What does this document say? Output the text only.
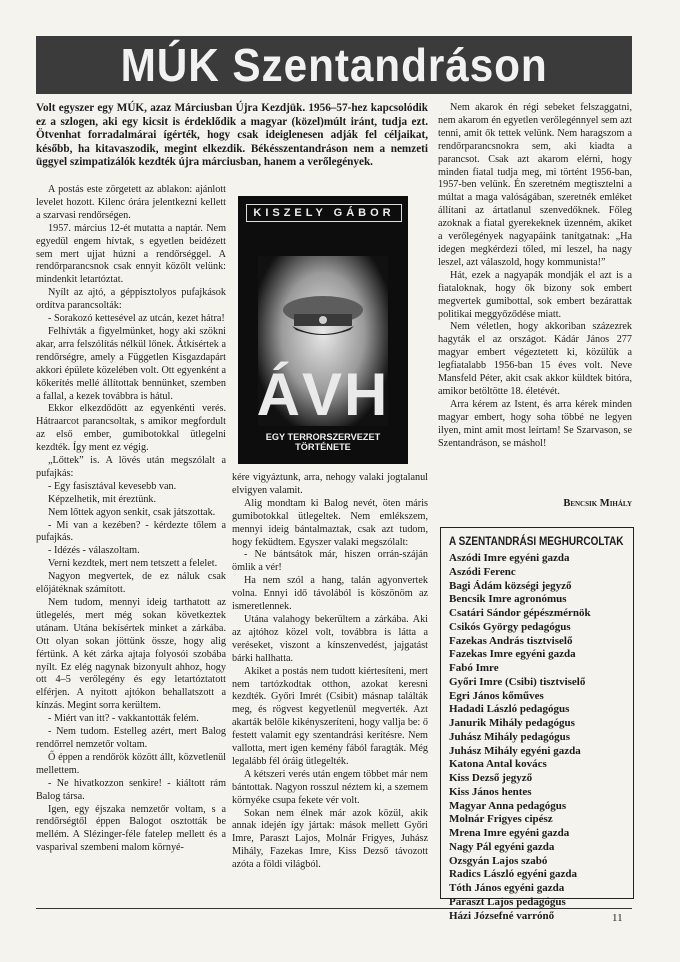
MÚK Szentandráson
Volt egyszer egy MÚK, azaz Márciusban Újra Kezdjük. 1956–57-hez kapcsolódik ez a szlogen, aki egy kicsit is érdeklődik a magyar (közel)múlt iránt, tudja ezt. Ötvenhat forradalmárai ígérték, hogy csak ideiglenesen adják fel céljaikat, később, ha kitavaszodik, megint elkezdik. Békésszentandráson nem a nemzeti üggyel szimpatizálók kezdték újra márciusban, hanem a verőlegények.

A postás este zörgetett az ablakon: ajánlott levelet hozott. Kilenc órára jelentkezni kellett a szarvasi rendőrségen.

1957. március 12-ét mutatta a naptár. Nem egyedül engem hívtak, s egyetlen beidézett sem mert ujjat húzni a rendőrséggel. A rendőrparancsnok csak ennyit közölt velünk: mindenkit letartóztat.

Nyílt az ajtó, a géppisztolyos pufajkások ordítva parancsolták:

- Sorakozó kettesével az utcán, kezet hátra!

Felhívták a figyelmünket, hogy aki szökni akar, arra felszólítás nélkül lőnek. Átkísértek a rendőrségre, amely a Független Kisgazdapárt akkori épülete közelében volt. Ott egyenként a kőkerítés mellé állítottak bennünket, szemben a fallal, a kezek továbbra is hátul.

Ekkor elkezdődött az egyenkénti verés. Hátraarcot parancsoltak, s amikor megfordult az első ember, gumibotokkal ütlegelni kezdték. Így ment ez végig.

„Lőttek” is. A lövés után megszólalt a pufajkás:

- Egy fasisztával kevesebb van.

Képzelhetik, mit éreztünk.

Nem lőttek agyon senkit, csak játszottak.

- Mi van a kezében? - kérdezte tőlem a pufajkás.

- Idézés - válaszoltam.

Verni kezdtek, mert nem tetszett a felelet.

Nagyon megvertek, de ez náluk csak előjátéknak számított.

Nem tudom, mennyi ideig tarthatott az ütlegelés, mert még sokan következtek utánam. Utána bekísértek minket a zárkába. Ott olyan sokan jöttünk össze, hogy alig fértünk. A két zárka ajtaja folyosói szobába nyílt. Ez elég nagynak bizonyult ahhoz, hogy ott 4–5 verőlegény és egy letartóztatott elférjen. A nyitott ajtókon behallatszott a kínzás. Megint sorra kerültem.

- Miért van itt? - vakkantották felém.

- Nem tudom. Estelleg azért, mert Balog rendőrrel nemzetőr voltam.

Ő éppen a rendőrök között állt, közvetlenül mellettem.

- Ne hivatkozzon senkire! - kiáltott rám Balog társa.

Igen, egy éjszaka nemzetőr voltam, s a rendőrségtől éppen Balogot osztották be mellém. A Slézinger-féle fatelep mellett és a vasparival szembeni malom környé-

KISZELY GÁBOR
ÁVH
EGY TERRORSZERVEZET TÖRTÉNETE

kére vigyáztunk, arra, nehogy valaki jogtalanul elvigyen valamit.

Alig mondtam ki Balog nevét, öten máris gumibotokkal ütlegeltek. Nem emlékszem, mennyi ideig bántalmaztak, csak azt tudom, hogy feküdtem. Egyszer valaki megszólalt:

- Ne bántsátok már, hiszen orrán-száján ömlik a vér!

Ha nem szól a hang, talán agyonvertek volna. Ennyi idő távolából is köszönöm az ismeretlennek.

Utána valahogy bekerültem a zárkába. Aki az ajtóhoz közel volt, továbbra is látta a veréseket, viszont a kínszenvedést, jajgatást bárki hallhatta.

Akiket a postás nem tudott kiértesíteni, mert nem tartózkodtak otthon, azokat keresni kezdték. Győri Imrét (Csibit) másnap találták meg, és rögvest kegyetlenül megverték. Azt akarták belőle kikényszeríteni, hogy vallja be: ő festett valamit egy szentandrási kerítésre. Nem vallotta, mert igen kemény fából faragták. Még legalább fél óráig ütlegelték.

A kétszeri verés után engem többet már nem bántottak. Nagyon rosszul néztem ki, a szemem környéke csupa fekete vér volt.

Sokan nem élnek már azok közül, akik annak idején így jártak: mások mellett Győri Imre, Paraszt Lajos, Molnár Frigyes, Juhász Mihály, Fazekas Imre, Kiss Dezső távozott azóta a földi világból.

Nem akarok én régi sebeket felszaggatni, nem akarom én egyetlen verőlegénnyel sem azt tenni, amit ők tettek velünk. Nem haragszom a rendőrparancsnokra sem, aki kiadta a parancsot. Csak azt akarom elérni, hogy minden fiatal tudja meg, mi történt 1956-ban, 1957-ben velünk. Én szeretném megtisztelni a múltat a maga valóságában, szeretnék emléket állítani az ártatlanul szenvedőknek. Főleg azoknak a fiatal gyerekeknek üzenném, akiket a verőlegények nagyapáink tanítgatnak: „Ha idegen megkérdezi tőled, mi leszel, ha nagy leszel, azt válaszold, hogy kommunista!”

Hát, ezek a nagyapák mondják el azt is a fiataloknak, hogy ők bizony sok embert megvertek gumibottal, sok embert bezárattak politikai meggyőződése miatt.

Nem véletlen, hogy akkoriban százezrek hagyták el az országot. Kádár János 277 magyar embert végeztetett ki, közülük a legfiatalabb 1956-ban 15 éves volt. Neve Mansfeld Péter, akit csak akkor küldtek bitóra, amikor betöltötte 18. életévét.

Arra kérem az Istent, és arra kérek minden magyar embert, hogy soha többé ne legyen ilyen, mint amit most leírtam! Se Szarvason, se Szentandráson, se máshol!

Bencsik Mihály
A SZENTANDRÁSI MEGHURCOLTAK
Aszódi Imre egyéni gazda
Aszódi Ferenc
Bagi Ádám községi jegyző
Bencsik Imre agronómus
Csatári Sándor gépészmérnök
Csikós György pedagógus
Fazekas András tisztviselő
Fazekas Imre egyéni gazda
Fabó Imre
Győri Imre (Csibi) tisztviselő
Egri János kőműves
Hadadi László pedagógus
Janurik Mihály pedagógus
Juhász Mihály pedagógus
Juhász Mihály egyéni gazda
Katona Antal kovács
Kiss Dezső jegyző
Kiss János hentes
Magyar Anna pedagógus
Molnár Frigyes cipész
Mrena Imre egyéni gazda
Nagy Pál egyéni gazda
Ozsgyán Lajos szabó
Radics László egyéni gazda
Tóth János egyéni gazda
Paraszt Lajos pedagógus
Házi Józsefné varrónő	11
